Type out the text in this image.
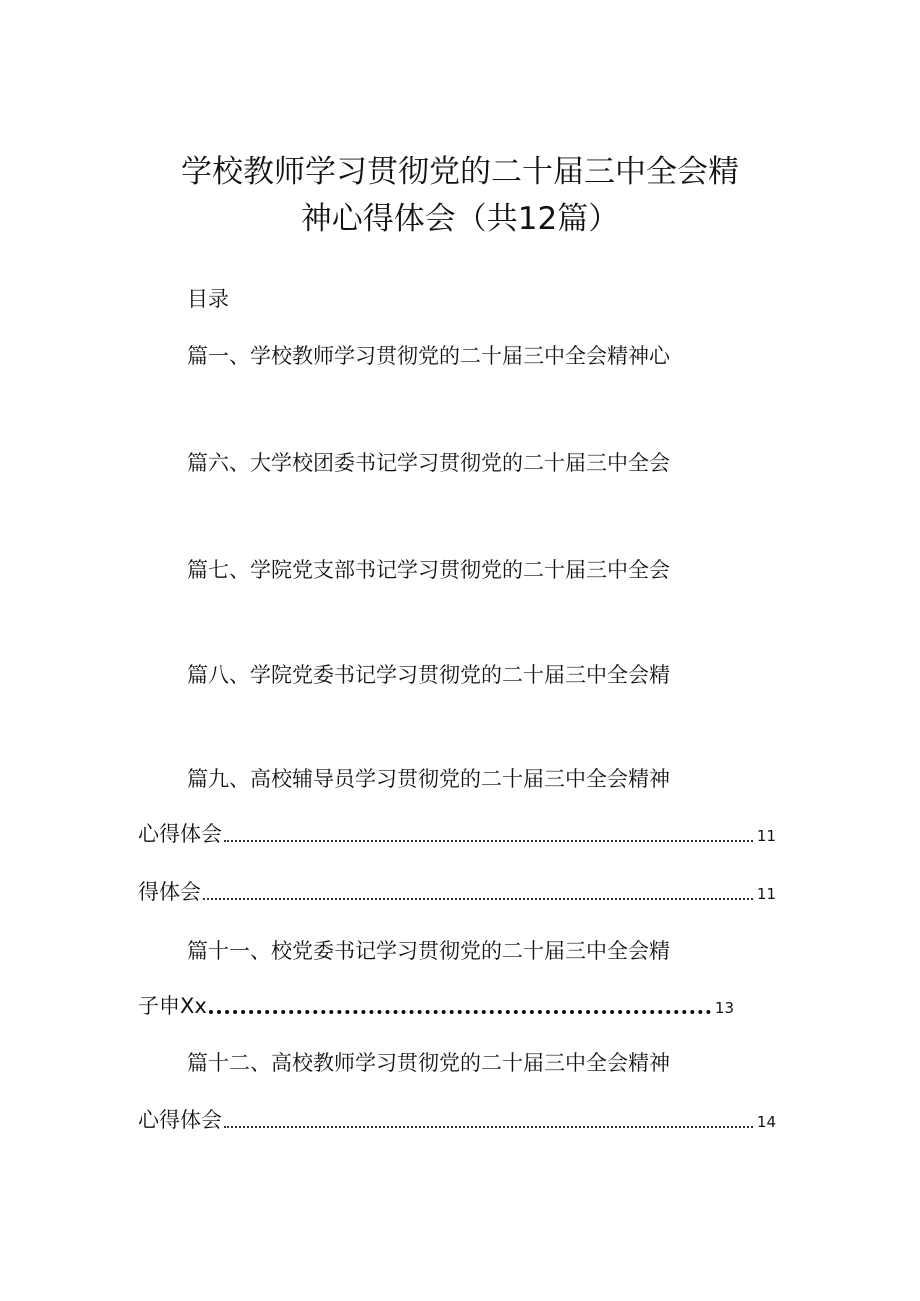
学校教师学习贯彻党的二十届三中全会精
神心得体会（共12篇）
目录
篇一、学校教师学习贯彻党的二十届三中全会精神心
篇六、大学校团委书记学习贯彻党的二十届三中全会
篇七、学院党支部书记学习贯彻党的二十届三中全会
篇八、学院党委书记学习贯彻党的二十届三中全会精
篇九、高校辅导员学习贯彻党的二十届三中全会精神
心得体会	11
得体会	11
篇十一、校党委书记学习贯彻党的二十届三中全会精
子申Xx	13
篇十二、高校教师学习贯彻党的二十届三中全会精神
心得体会	14
